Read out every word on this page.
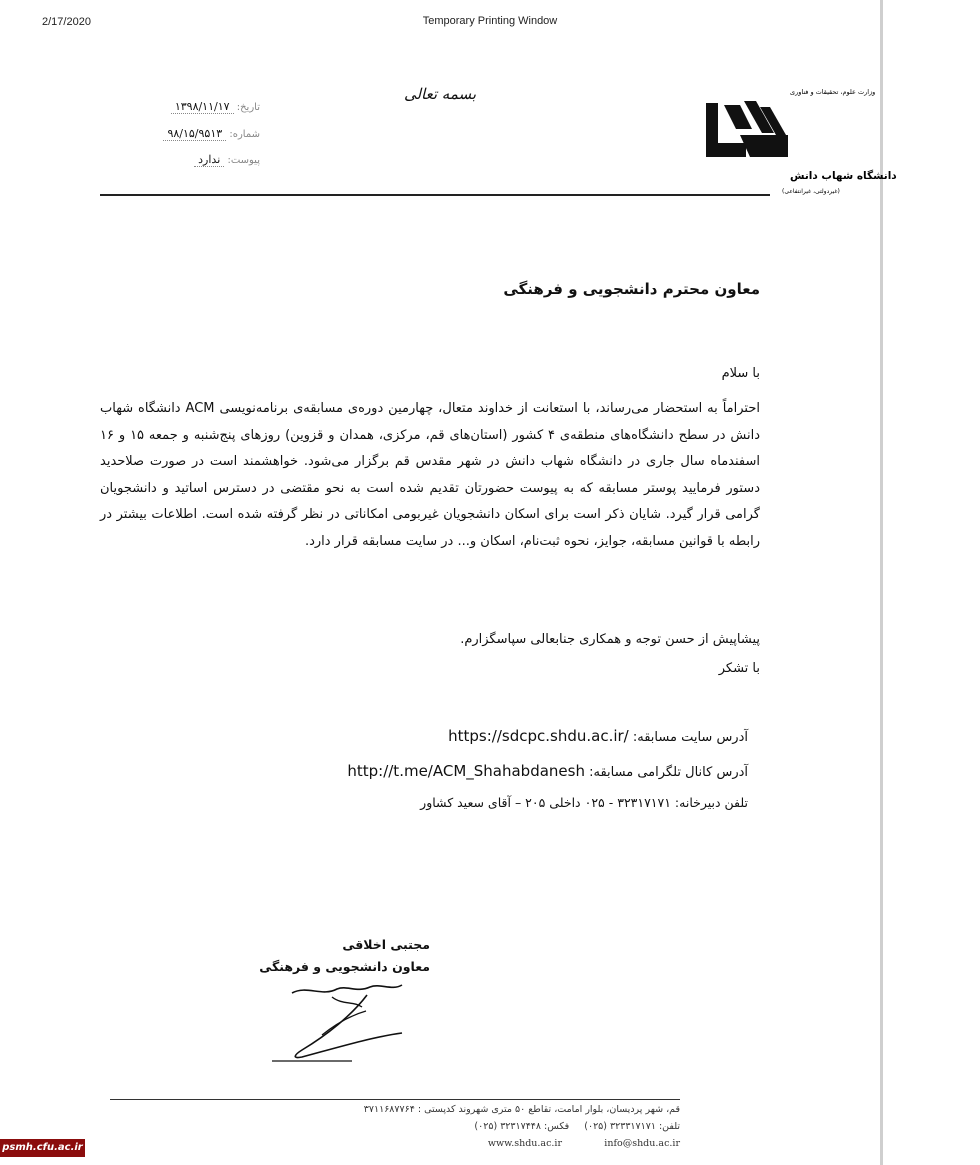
2/17/2020	Temporary Printing Window
بسمه تعالی
تاریخ: ۱۳۹۸/۱۱/۱۷
شماره: ۹۸/۱۵/۹۵۱۳
پیوست: ندارد
وزارت علوم، تحقیقات و فناوری
دانشگاه شهاب دانش
(غیردولتی، غیرانتفاعی)
معاون محترم دانشجویی و فرهنگی
با سلام
احتراماً به استحضار می‌رساند، با استعانت از خداوند متعال، چهارمین دوره‌ی مسابقه‌ی برنامه‌نویسی ACM دانشگاه شهاب دانش در سطح دانشگاه‌های منطقه‌ی ۴ کشور (استان‌های قم، مرکزی، همدان و قزوین) روزهای پنج‌شنبه و جمعه ۱۵ و ۱۶ اسفندماه سال جاری در دانشگاه شهاب دانش در شهر مقدس قم برگزار می‌شود. خواهشمند است در صورت صلاحدید دستور فرمایید پوستر مسابقه که به پیوست حضورتان تقدیم شده است به نحو مقتضی در دسترس اساتید و دانشجویان گرامی قرار گیرد. شایان ذکر است برای اسکان دانشجویان غیربومی امکاناتی در نظر گرفته شده است. اطلاعات بیشتر در رابطه با قوانین مسابقه، جوایز، نحوه ثبت‌نام، اسکان و... در سایت مسابقه قرار دارد.
پیشاپیش از حسن توجه و همکاری جنابعالی سپاسگزارم.
با تشکر
آدرس سایت مسابقه: https://sdcpc.shdu.ac.ir/
آدرس کانال تلگرامی مسابقه: http://t.me/ACM_Shahabdanesh
تلفن دبیرخانه: ۳۲۳۱۷۱۷۱ - ۰۲۵ داخلی ۲۰۵ – آقای سعید کشاور
مجتبی اخلاقی
معاون دانشجویی و فرهنگی
قم، شهر پردیسان، بلوار امامت، تقاطع ۵۰ متری شهروند کدپستی : ۳۷۱۱۶۸۷۷۶۴
تلفن: ۳۲۳۳۱۷۱۷۱ (۰۲۵)     فکس: ۳۲۳۱۷۴۴۸ (۰۲۵)
info@shdu.ac.ir              www.shdu.ac.ir
psmh.cfu.ac.ir
